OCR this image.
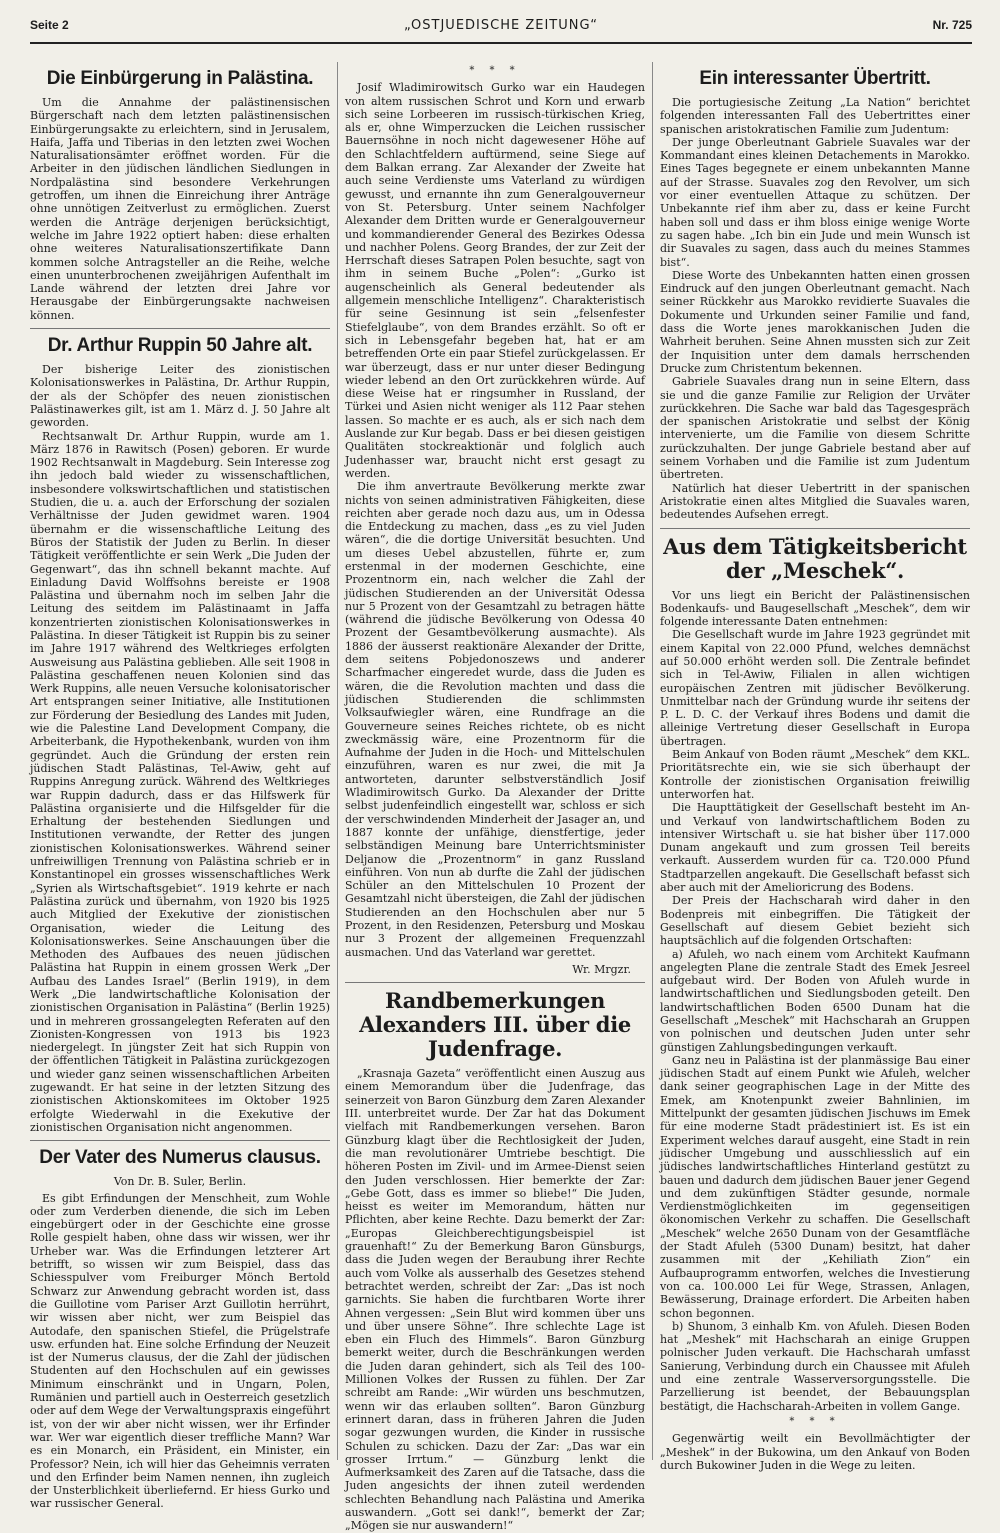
Seite 2	„OSTJUEDISCHE ZEITUNG“	Nr. 725
Die Einbürgerung in Palästina.

Um die Annahme der palästinensischen Bürgerschaft nach dem letzten palästinensischen Einbürgerungsakte zu erleichtern, sind in Jerusalem, Haifa, Jaffa und Tiberias in den letzten zwei Wochen Naturalisationsämter eröffnet worden. Für die Arbeiter in den jüdischen ländlichen Siedlungen in Nordpalästina sind besondere Verkehrungen getroffen, um ihnen die Einreichung ihrer Anträge ohne unnötigen Zeitverlust zu ermöglichen. Zuerst werden die Anträge derjenigen berücksichtigt, welche im Jahre 1922 optiert haben: diese erhalten ohne weiteres Naturalisationszertifikate Dann kommen solche Antragsteller an die Reihe, welche einen ununterbrochenen zweijährigen Aufenthalt im Lande während der letzten drei Jahre vor Herausgabe der Einbürgerungsakte nachweisen können.

Dr. Arthur Ruppin 50 Jahre alt.

Der bisherige Leiter des zionistischen Kolonisationswerkes in Palästina, Dr. Arthur Ruppin, der als der Schöpfer des neuen zionistischen Palästinawerkes gilt, ist am 1. März d. J. 50 Jahre alt geworden.

Rechtsanwalt Dr. Arthur Ruppin, wurde am 1. März 1876 in Rawitsch (Posen) geboren. Er wurde 1902 Rechtsanwalt in Magdeburg. Sein Interesse zog ihn jedoch bald wieder zu wissenschaftlichen, insbesondere volkswirtschaftlichen und statistischen Studien, die u. a. auch der Erforschung der sozialen Verhältnisse der Juden gewidmet waren. 1904 übernahm er die wissenschaftliche Leitung des Büros der Statistik der Juden zu Berlin. In dieser Tätigkeit veröffentlichte er sein Werk „Die Juden der Gegenwart“, das ihn schnell bekannt machte. Auf Einladung David Wolffsohns bereiste er 1908 Palästina und übernahm noch im selben Jahr die Leitung des seitdem im Palästinaamt in Jaffa konzentrierten zionistischen Kolonisationswerkes in Palästina. In dieser Tätigkeit ist Ruppin bis zu seiner im Jahre 1917 während des Weltkrieges erfolgten Ausweisung aus Palästina geblieben. Alle seit 1908 in Palästina geschaffenen neuen Kolonien sind das Werk Ruppins, alle neuen Versuche kolonisatorischer Art entsprangen seiner Initiative, alle Institutionen zur Förderung der Besiedlung des Landes mit Juden, wie die Palestine Land Development Company, die Arbeiterbank, die Hypothekenbank, wurden von ihm gegründet. Auch die Gründung der ersten rein jüdischen Stadt Palästinas, Tel-Awiw, geht auf Ruppins Anregung zurück. Während des Weltkrieges war Ruppin dadurch, dass er das Hilfswerk für Palästina organisierte und die Hilfsgelder für die Erhaltung der bestehenden Siedlungen und Institutionen verwandte, der Retter des jungen zionistischen Kolonisationswerkes. Während seiner unfreiwilligen Trennung von Palästina schrieb er in Konstantinopel ein grosses wissenschaftliches Werk „Syrien als Wirtschaftsgebiet“. 1919 kehrte er nach Palästina zurück und übernahm, von 1920 bis 1925 auch Mitglied der Exekutive der zionistischen Organisation, wieder die Leitung des Kolonisationswerkes. Seine Anschauungen über die Methoden des Aufbaues des neuen jüdischen Palästina hat Ruppin in einem grossen Werk „Der Aufbau des Landes Israel“ (Berlin 1919), in dem Werk „Die landwirtschaftliche Kolonisation der zionistischen Organisation in Palästina“ (Berlin 1925) und in mehreren grossangelegten Referaten auf den Zionisten-Kongressen von 1913 bis 1923 niedergelegt. In jüngster Zeit hat sich Ruppin von der öffentlichen Tätigkeit in Palästina zurückgezogen und wieder ganz seinen wissenschaftlichen Arbeiten zugewandt. Er hat seine in der letzten Sitzung des zionistischen Aktionskomitees im Oktober 1925 erfolgte Wiederwahl in die Exekutive der zionistischen Organisation nicht angenommen.

Der Vater des Numerus clausus.
Von Dr. B. Suler, Berlin.

Es gibt Erfindungen der Menschheit, zum Wohle oder zum Verderben dienende, die sich im Leben eingebürgert oder in der Geschichte eine grosse Rolle gespielt haben, ohne dass wir wissen, wer ihr Urheber war. Was die Erfindungen letzterer Art betrifft, so wissen wir zum Beispiel, dass das Schiesspulver vom Freiburger Mönch Bertold Schwarz zur Anwendung gebracht worden ist, dass die Guillotine vom Pariser Arzt Guillotin herrührt, wir wissen aber nicht, wer zum Beispiel das Autodafe, den spanischen Stiefel, die Prügelstrafe usw. erfunden hat. Eine solche Erfindung der Neuzeit ist der Numerus clausus, der die Zahl der jüdischen Studenten auf den Hochschulen auf ein gewisses Minimum einschränkt und in Ungarn, Polen, Rumänien und partiell auch in Oesterreich gesetzlich oder auf dem Wege der Verwaltungspraxis eingeführt ist, von der wir aber nicht wissen, wer ihr Erfinder war. Wer war eigentlich dieser treffliche Mann? War es ein Monarch, ein Präsident, ein Minister, ein Professor? Nein, ich will hier das Geheimnis verraten und den Erfinder beim Namen nennen, ihn zugleich der Unsterblichkeit überliefernd. Er hiess Gurko und war russischer General.

* * *

Josif Wladimirowitsch Gurko war ein Haudegen von altem russischen Schrot und Korn und erwarb sich seine Lorbeeren im russisch-türkischen Krieg, als er, ohne Wimperzucken die Leichen russischer Bauernsöhne in noch nicht dagewesener Höhe auf den Schlachtfeldern auftürmend, seine Siege auf dem Balkan errang. Zar Alexander der Zweite hat auch seine Verdienste ums Vaterland zu würdigen gewusst, und ernannte ihn zum Generalgouverneur von St. Petersburg. Unter seinem Nachfolger Alexander dem Dritten wurde er Generalgouverneur und kommandierender General des Bezirkes Odessa und nachher Polens. Georg Brandes, der zur Zeit der Herrschaft dieses Satrapen Polen besuchte, sagt von ihm in seinem Buche „Polen“: „Gurko ist augenscheinlich als General bedeutender als allgemein menschliche Intelligenz“. Charakteristisch für seine Gesinnung ist sein „felsenfester Stiefelglaube“, von dem Brandes erzählt. So oft er sich in Lebensgefahr begeben hat, hat er am betreffenden Orte ein paar Stiefel zurückgelassen. Er war überzeugt, dass er nur unter dieser Bedingung wieder lebend an den Ort zurückkehren würde. Auf diese Weise hat er ringsumher in Russland, der Türkei und Asien nicht weniger als 112 Paar stehen lassen. So machte er es auch, als er sich nach dem Auslande zur Kur begab. Dass er bei diesen geistigen Qualitäten stockreaktionär und folglich auch Judenhasser war, braucht nicht erst gesagt zu werden.

Die ihm anvertraute Bevölkerung merkte zwar nichts von seinen administrativen Fähigkeiten, diese reichten aber gerade noch dazu aus, um in Odessa die Entdeckung zu machen, dass „es zu viel Juden wären“, die die dortige Universität besuchten. Und um dieses Uebel abzustellen, führte er, zum erstenmal in der modernen Geschichte, eine Prozentnorm ein, nach welcher die Zahl der jüdischen Studierenden an der Universität Odessa nur 5 Prozent von der Gesamtzahl zu betragen hätte (während die jüdische Bevölkerung von Odessa 40 Prozent der Gesamtbevölkerung ausmachte). Als 1886 der äusserst reaktionäre Alexander der Dritte, dem seitens Pobjedonoszews und anderer Scharfmacher eingeredet wurde, dass die Juden es wären, die die Revolution machten und dass die jüdischen Studierenden die schlimmsten Volksaufwiegler wären, eine Rundfrage an die Gouverneure seines Reiches richtete, ob es nicht zweckmässig wäre, eine Prozentnorm für die Aufnahme der Juden in die Hoch- und Mittelschulen einzuführen, waren es nur zwei, die mit Ja antworteten, darunter selbstverständlich Josif Wladimirowitsch Gurko. Da Alexander der Dritte selbst judenfeindlich eingestellt war, schloss er sich der verschwindenden Minderheit der Jasager an, und 1887 konnte der unfähige, dienstfertige, jeder selbständigen Meinung bare Unterrichtsminister Deljanow die „Prozentnorm“ in ganz Russland einführen. Von nun ab durfte die Zahl der jüdischen Schüler an den Mittelschulen 10 Prozent der Gesamtzahl nicht übersteigen, die Zahl der jüdischen Studierenden an den Hochschulen aber nur 5 Prozent, in den Residenzen, Petersburg und Moskau nur 3 Prozent der allgemeinen Frequenzzahl ausmachen. Und das Vaterland war gerettet.

Wr. Mrgzr.
Randbemerkungen Alexanders III. über die Judenfrage.

„Krasnaja Gazeta“ veröffentlicht einen Auszug aus einem Memorandum über die Judenfrage, das seinerzeit von Baron Günzburg dem Zaren Alexander III. unterbreitet wurde. Der Zar hat das Dokument vielfach mit Randbemerkungen versehen. Baron Günzburg klagt über die Rechtlosigkeit der Juden, die man revolutionärer Umtriebe beschtigt. Die höheren Posten im Zivil- und im Armee-Dienst seien den Juden verschlossen. Hier bemerkte der Zar: „Gebe Gott, dass es immer so bliebe!“ Die Juden, heisst es weiter im Memorandum, hätten nur Pflichten, aber keine Rechte. Dazu bemerkt der Zar: „Europas Gleichberechtigungsbeispiel ist grauenhaft!“ Zu der Bemerkung Baron Günsburgs, dass die Juden wegen der Beraubung ihrer Rechte auch vom Volke als ausserhalb des Gesetzes stehend betrachtet werden, schreibt der Zar: „Das ist noch garnichts. Sie haben die furchtbaren Worte ihrer Ahnen vergessen: „Sein Blut wird kommen über uns und über unsere Söhne“. Ihre schlechte Lage ist eben ein Fluch des Himmels“. Baron Günzburg bemerkt weiter, durch die Beschränkungen werden die Juden daran gehindert, sich als Teil des 100-Millionen Volkes der Russen zu fühlen. Der Zar schreibt am Rande: „Wir würden uns beschmutzen, wenn wir das erlauben sollten“. Baron Günzburg erinnert daran, dass in früheren Jahren die Juden sogar gezwungen wurden, die Kinder in russische Schulen zu schicken. Dazu der Zar: „Das war ein grosser Irrtum.“ — Günzburg lenkt die Aufmerksamkeit des Zaren auf die Tatsache, dass die Juden angesichts der ihnen zuteil werdenden schlechten Behandlung nach Palästina und Amerika auswandern. „Gott sei dank!“, bemerkt der Zar; „Mögen sie nur auswandern!“

Ein interessanter Übertritt.

Die portugiesische Zeitung „La Nation“ berichtet folgenden interessanten Fall des Uebertrittes einer spanischen aristokratischen Familie zum Judentum:

Der junge Oberleutnant Gabriele Suavales war der Kommandant eines kleinen Detachements in Marokko. Eines Tages begegnete er einem unbekannten Manne auf der Strasse. Suavales zog den Revolver, um sich vor einer eventuellen Attaque zu schützen. Der Unbekannte rief ihm aber zu, dass er keine Furcht haben soll und dass er ihm bloss einige wenige Worte zu sagen habe. „Ich bin ein Jude und mein Wunsch ist dir Suavales zu sagen, dass auch du meines Stammes bist“.

Diese Worte des Unbekannten hatten einen grossen Eindruck auf den jungen Oberleutnant gemacht. Nach seiner Rückkehr aus Marokko revidierte Suavales die Dokumente und Urkunden seiner Familie und fand, dass die Worte jenes marokkanischen Juden die Wahrheit beruhen. Seine Ahnen mussten sich zur Zeit der Inquisition unter dem damals herrschenden Drucke zum Christentum bekennen.

Gabriele Suavales drang nun in seine Eltern, dass sie und die ganze Familie zur Religion der Urväter zurückkehren. Die Sache war bald das Tagesgespräch der spanischen Aristokratie und selbst der König intervenierte, um die Familie von diesem Schritte zurückzuhalten. Der junge Gabriele bestand aber auf seinem Vorhaben und die Familie ist zum Judentum übertreten.

Natürlich hat dieser Uebertritt in der spanischen Aristokratie einen altes Mitglied die Suavales waren, bedeutendes Aufsehen erregt.

Aus dem Tätigkeitsbericht der „Meschek“.

Vor uns liegt ein Bericht der Palästinensischen Bodenkaufs- und Baugesellschaft „Meschek“, dem wir folgende interessante Daten entnehmen:

Die Gesellschaft wurde im Jahre 1923 gegründet mit einem Kapital von 22.000 Pfund, welches demnächst auf 50.000 erhöht werden soll. Die Zentrale befindet sich in Tel-Awiw, Filialen in allen wichtigen europäischen Zentren mit jüdischer Bevölkerung. Unmittelbar nach der Gründung wurde ihr seitens der P. L. D. C. der Verkauf ihres Bodens und damit die alleinige Vertretung dieser Gesellschaft in Europa übertragen.

Beim Ankauf von Boden räumt „Meschek“ dem KKL. Prioritätsrechte ein, wie sie sich überhaupt der Kontrolle der zionistischen Organisation freiwillig unterworfen hat.

Die Haupttätigkeit der Gesellschaft besteht im An- und Verkauf von landwirtschaftlichem Boden zu intensiver Wirtschaft u. sie hat bisher über 117.000 Dunam angekauft und zum grossen Teil bereits verkauft. Ausserdem wurden für ca. T20.000 Pfund Stadtparzellen angekauft. Die Gesellschaft befasst sich aber auch mit der Amelioricrung des Bodens.

Der Preis der Hachscharah wird daher in den Bodenpreis mit einbegriffen. Die Tätigkeit der Gesellschaft auf diesem Gebiet bezieht sich hauptsächlich auf die folgenden Ortschaften:

a) Afuleh, wo nach einem vom Architekt Kaufmann angelegten Plane die zentrale Stadt des Emek Jesreel aufgebaut wird. Der Boden von Afuleh wurde in landwirtschaftlichen und Siedlungsboden geteilt. Den landwirtschaftlichen Boden 6500 Dunam hat die Gesellschaft „Meschek“ mit Hachscharah an Gruppen von polnischen und deutschen Juden unter sehr günstigen Zahlungsbedingungen verkauft.

Ganz neu in Palästina ist der planmässige Bau einer jüdischen Stadt auf einem Punkt wie Afuleh, welcher dank seiner geographischen Lage in der Mitte des Emek, am Knotenpunkt zweier Bahnlinien, im Mittelpunkt der gesamten jüdischen Jischuws im Emek für eine moderne Stadt prädestiniert ist. Es ist ein Experiment welches darauf ausgeht, eine Stadt in rein jüdischer Umgebung und ausschliesslich auf ein jüdisches landwirtschaftliches Hinterland gestützt zu bauen und dadurch dem jüdischen Bauer jener Gegend und dem zukünftigen Städter gesunde, normale Verdienstmöglichkeiten im gegenseitigen ökonomischen Verkehr zu schaffen. Die Gesellschaft „Meschek“ welche 2650 Dunam von der Gesamtfläche der Stadt Afuleh (5300 Dunam) besitzt, hat daher zusammen mit der „Kehiliath Zion“ ein Aufbauprogramm entworfen, welches die Investierung von ca. 100.000 Lei für Wege, Strassen, Anlagen, Bewässerung, Drainage erfordert. Die Arbeiten haben schon begonnen.

b) Shunom, 3 einhalb Km. von Afuleh. Diesen Boden hat „Meshek“ mit Hachscharah an einige Gruppen polnischer Juden verkauft. Die Hachscharah umfasst Sanierung, Verbindung durch ein Chaussee mit Afuleh und eine zentrale Wasserversorgungsstelle. Die Parzellierung ist beendet, der Bebauungsplan bestätigt, die Hachscharah-Arbeiten in vollem Gange.

* * *

Gegenwärtig weilt ein Bevollmächtigter der „Meshek“ in der Bukowina, um den Ankauf von Boden durch Bukowiner Juden in die Wege zu leiten.
